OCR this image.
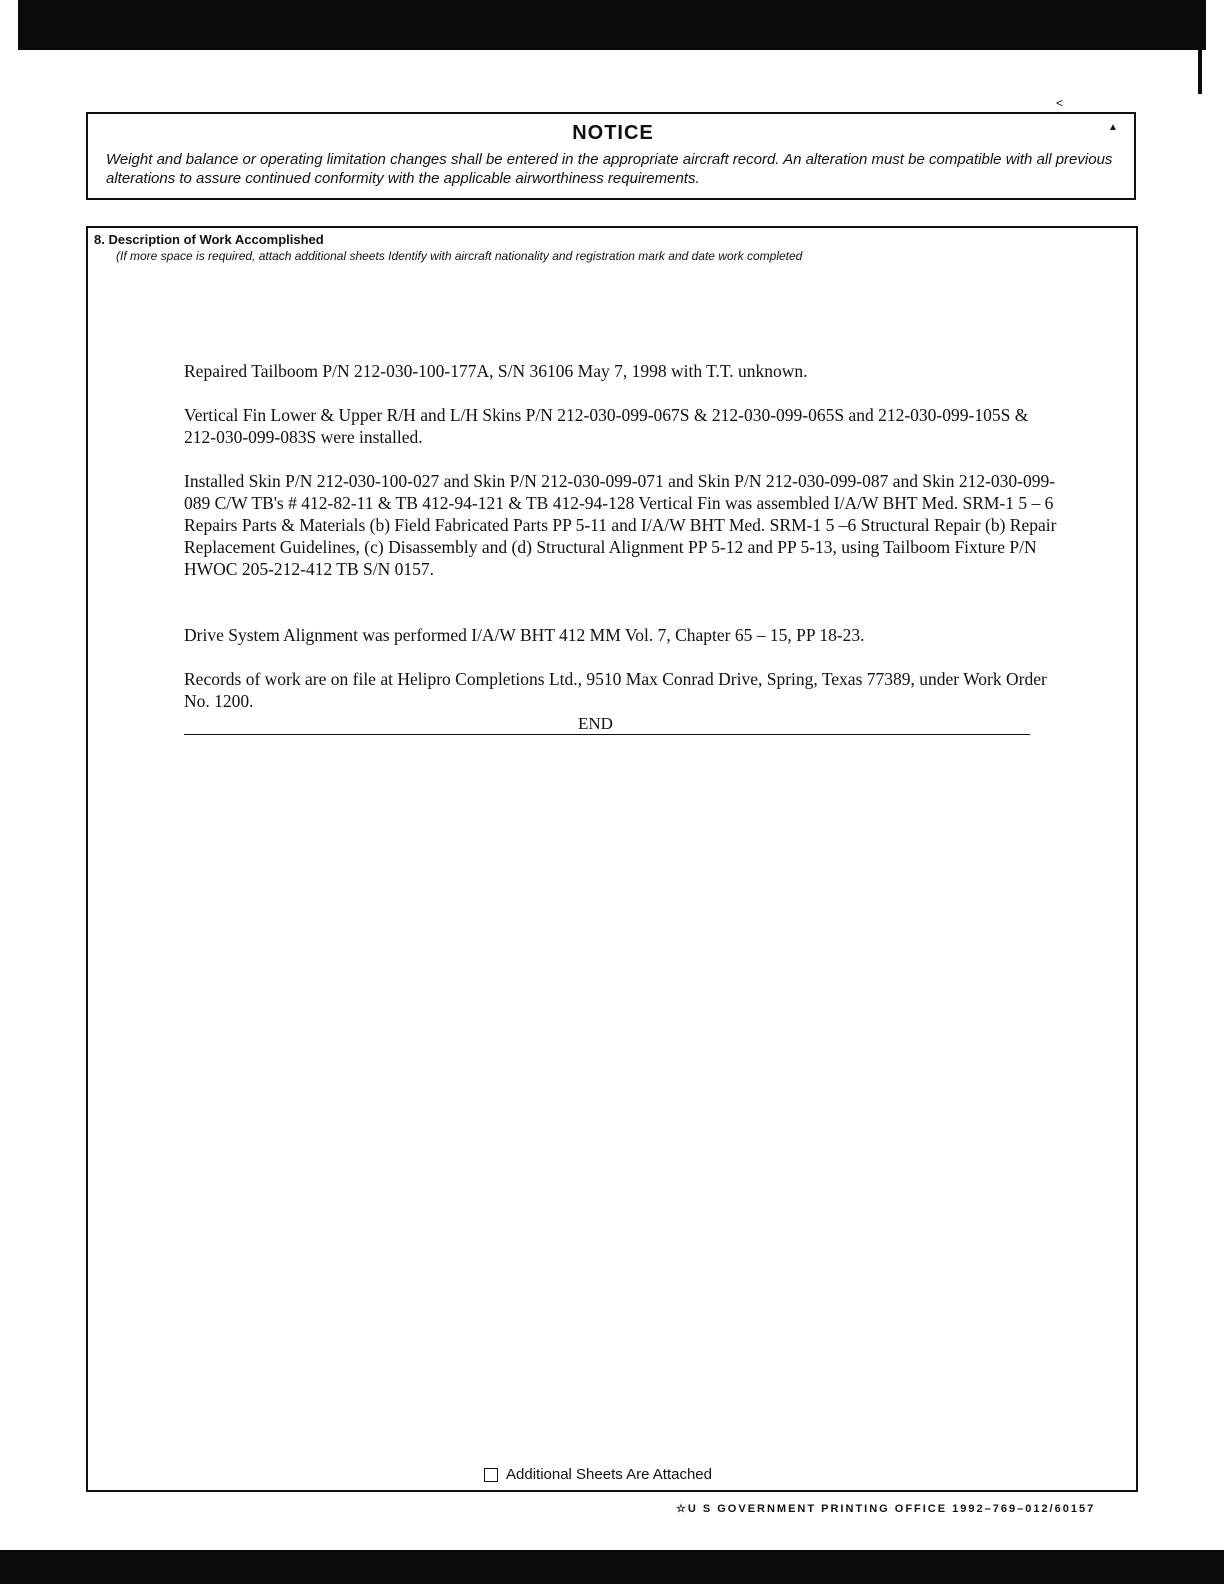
<
NOTICE
Weight and balance or operating limitation changes shall be entered in the appropriate aircraft record. An alteration must be compatible with all previous alterations to assure continued conformity with the applicable airworthiness requirements.
▲
8. Description of Work Accomplished
(If more space is required, attach additional sheets Identify with aircraft nationality and registration mark and date work completed
Repaired Tailboom P/N 212-030-100-177A, S/N 36106 May 7, 1998 with T.T. unknown.
Vertical Fin Lower & Upper R/H and L/H Skins P/N 212-030-099-067S & 212-030-099-065S and 212-030-099-105S & 212-030-099-083S were installed.
Installed Skin P/N 212-030-100-027 and Skin P/N 212-030-099-071 and Skin P/N 212-030-099-087 and Skin 212-030-099-089 C/W TB's # 412-82-11 & TB 412-94-121 & TB 412-94-128 Vertical Fin was assembled I/A/W BHT Med. SRM-1 5 – 6 Repairs Parts & Materials (b) Field Fabricated Parts PP 5-11 and I/A/W BHT Med. SRM-1 5 –6 Structural Repair (b) Repair Replacement Guidelines, (c) Disassembly and (d) Structural Alignment PP 5-12 and PP 5-13, using Tailboom Fixture P/N HWOC 205-212-412 TB S/N 0157.
Drive System Alignment was performed I/A/W BHT 412 MM Vol. 7, Chapter 65 – 15, PP 18-23.
Records of work are on file at Helipro Completions Ltd., 9510 Max Conrad Drive, Spring, Texas 77389, under Work Order No. 1200.
END
Additional Sheets Are Attached
☆U S GOVERNMENT PRINTING OFFICE 1992–769–012/60157
